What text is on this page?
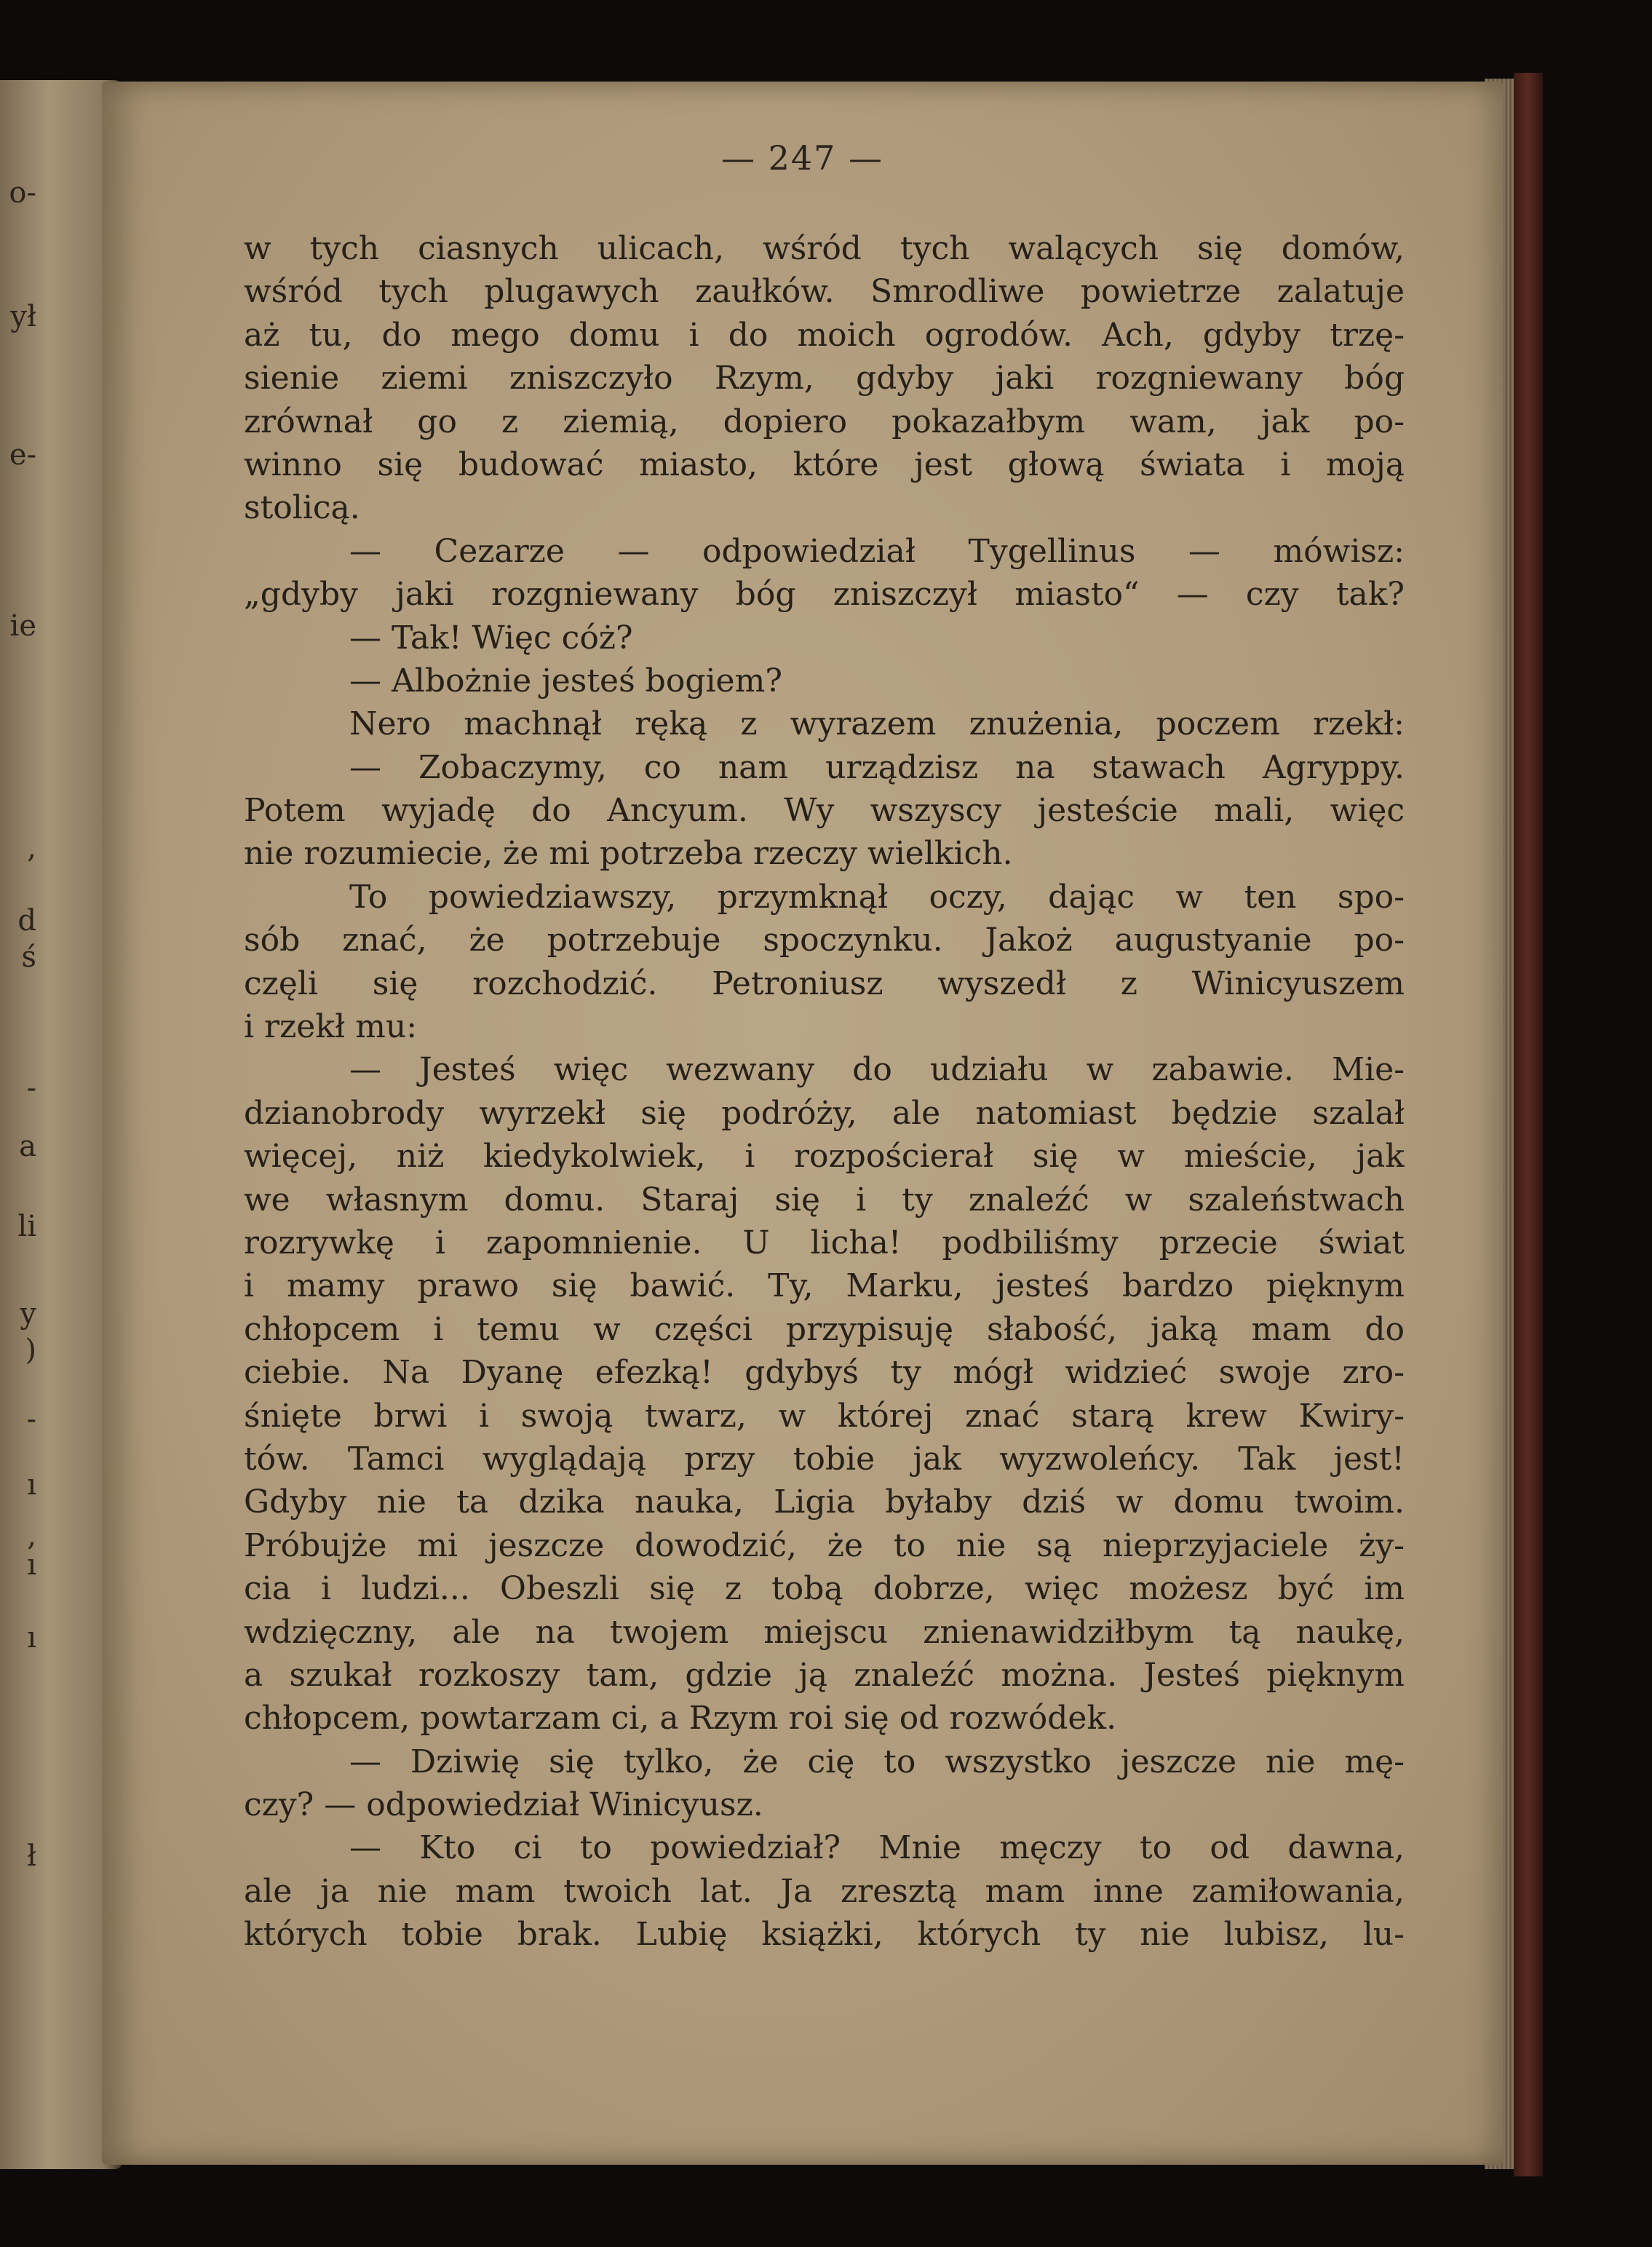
o-
ył
e-
ie
,
d
ś
-
a
li
y
)
-
ı
,
ı
ı
ł

— 247 —

w tych ciasnych ulicach, wśród tych walących się domów,
wśród tych plugawych zaułków. Smrodliwe powietrze zalatuje
aż tu, do mego domu i do moich ogrodów. Ach, gdyby trzę-
sienie ziemi zniszczyło Rzym, gdyby jaki rozgniewany bóg
zrównał go z ziemią, dopiero pokazałbym wam, jak po-
winno się budować miasto, które jest głową świata i moją
stolicą.
— Cezarze — odpowiedział Tygellinus — mówisz:
„gdyby jaki rozgniewany bóg zniszczył miasto“ — czy tak?
— Tak! Więc cóż?
— Albożnie jesteś bogiem?
Nero machnął ręką z wyrazem znużenia, poczem rzekł:
— Zobaczymy, co nam urządzisz na stawach Agryppy.
Potem wyjadę do Ancyum. Wy wszyscy jesteście mali, więc
nie rozumiecie, że mi potrzeba rzeczy wielkich.
To powiedziawszy, przymknął oczy, dając w ten spo-
sób znać, że potrzebuje spoczynku. Jakoż augustyanie po-
częli się rozchodzić. Petroniusz wyszedł z Winicyuszem
i rzekł mu:
— Jesteś więc wezwany do udziału w zabawie. Mie-
dzianobrody wyrzekł się podróży, ale natomiast będzie szalał
więcej, niż kiedykolwiek, i rozpościerał się w mieście, jak
we własnym domu. Staraj się i ty znaleźć w szaleństwach
rozrywkę i zapomnienie. U licha! podbiliśmy przecie świat
i mamy prawo się bawić. Ty, Marku, jesteś bardzo pięknym
chłopcem i temu w części przypisuję słabość, jaką mam do
ciebie. Na Dyanę efezką! gdybyś ty mógł widzieć swoje zro-
śnięte brwi i swoją twarz, w której znać starą krew Kwiry-
tów. Tamci wyglądają przy tobie jak wyzwoleńcy. Tak jest!
Gdyby nie ta dzika nauka, Ligia byłaby dziś w domu twoim.
Próbujże mi jeszcze dowodzić, że to nie są nieprzyjaciele ży-
cia i ludzi... Obeszli się z tobą dobrze, więc możesz być im
wdzięczny, ale na twojem miejscu znienawidziłbym tą naukę,
a szukał rozkoszy tam, gdzie ją znaleźć można. Jesteś pięknym
chłopcem, powtarzam ci, a Rzym roi się od rozwódek.
— Dziwię się tylko, że cię to wszystko jeszcze nie mę-
czy? — odpowiedział Winicyusz.
— Kto ci to powiedział? Mnie męczy to od dawna,
ale ja nie mam twoich lat. Ja zresztą mam inne zamiłowania,
których tobie brak. Lubię książki, których ty nie lubisz, lu-
